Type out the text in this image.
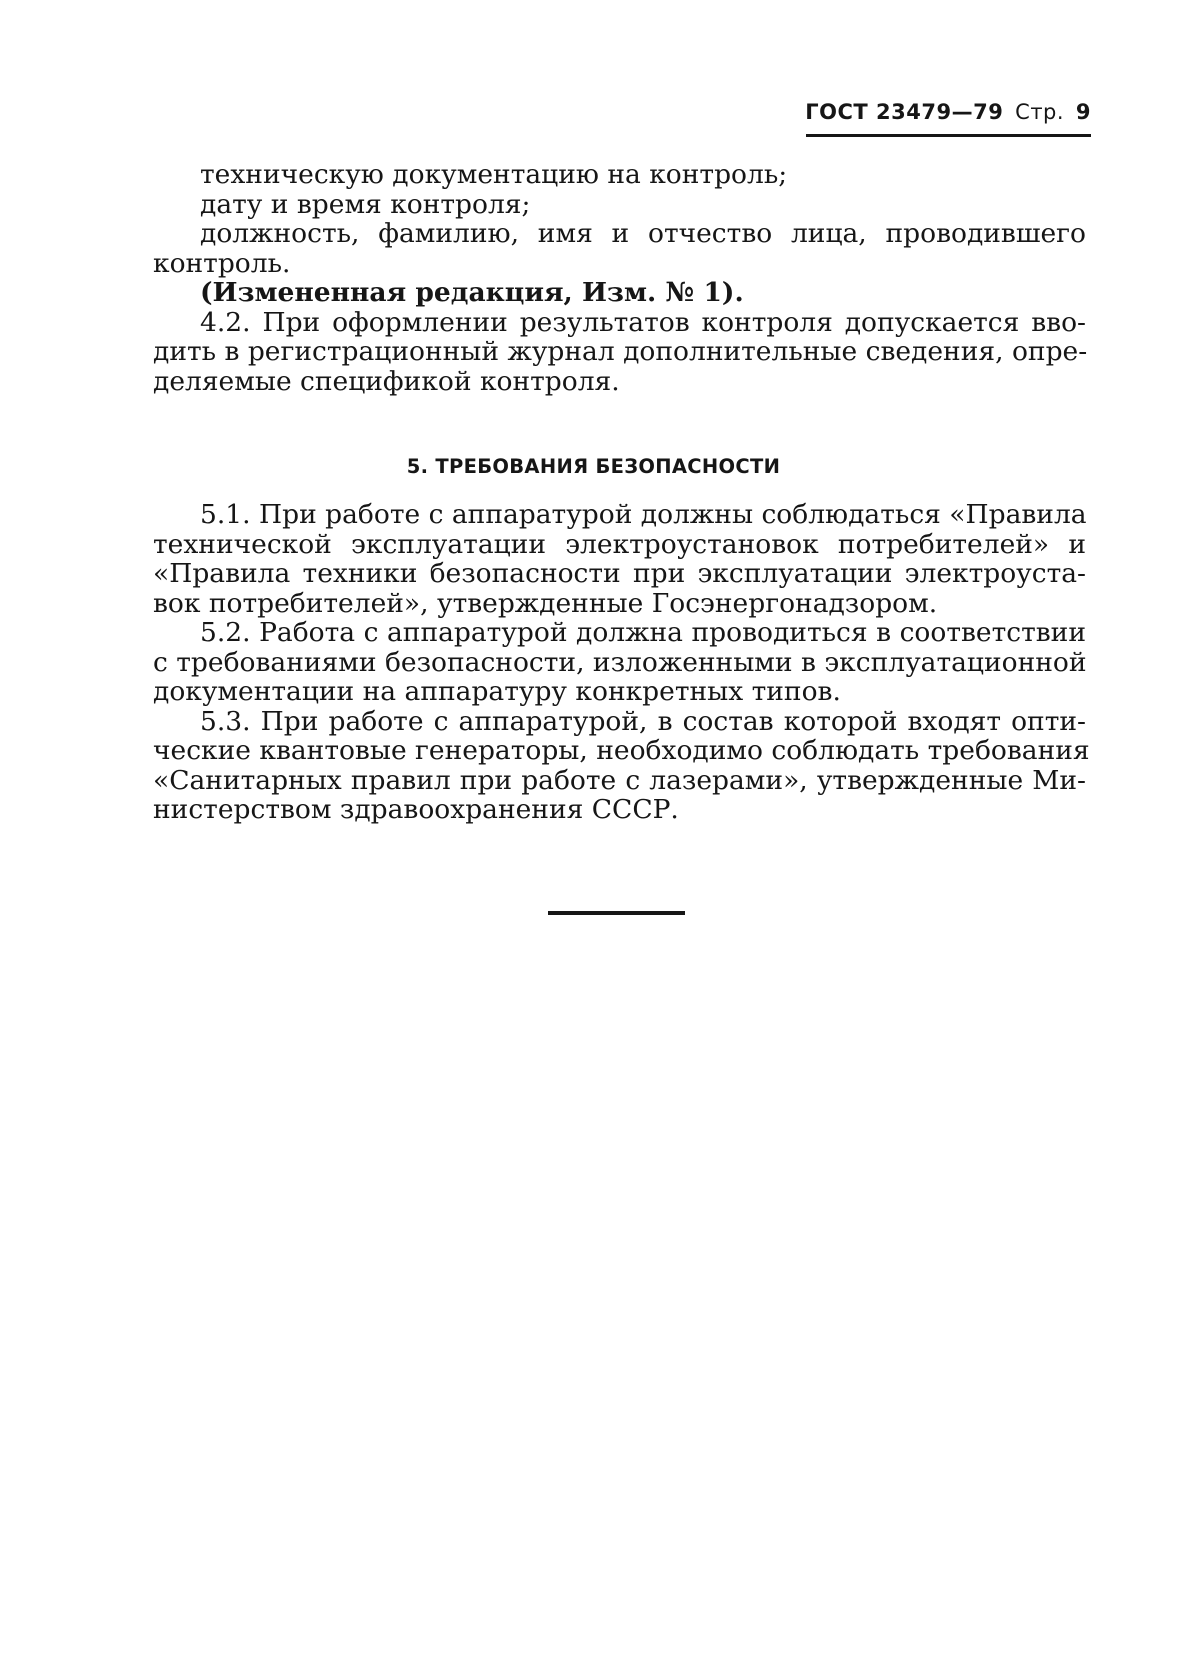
ГОСТ 23479—79 Стр. 9
техническую документацию на контроль;
дату и время контроля;
должность, фамилию, имя и отчество лица, проводившего
контроль.
(Измененная редакция, Изм. № 1).
4.2. При оформлении результатов контроля допускается вво-
дить в регистрационный журнал дополнительные сведения, опре-
деляемые спецификой контроля.
5. ТРЕБОВАНИЯ БЕЗОПАСНОСТИ
5.1. При работе с аппаратурой должны соблюдаться «Правила
технической эксплуатации электроустановок потребителей» и
«Правила техники безопасности при эксплуатации электроуста-
вок потребителей», утвержденные Госэнергонадзором.
5.2. Работа с аппаратурой должна проводиться в соответствии
с требованиями безопасности, изложенными в эксплуатационной
документации на аппаратуру конкретных типов.
5.3. При работе с аппаратурой, в состав которой входят опти-
ческие квантовые генераторы, необходимо соблюдать требования
«Санитарных правил при работе с лазерами», утвержденные Ми-
нистерством здравоохранения СССР.
